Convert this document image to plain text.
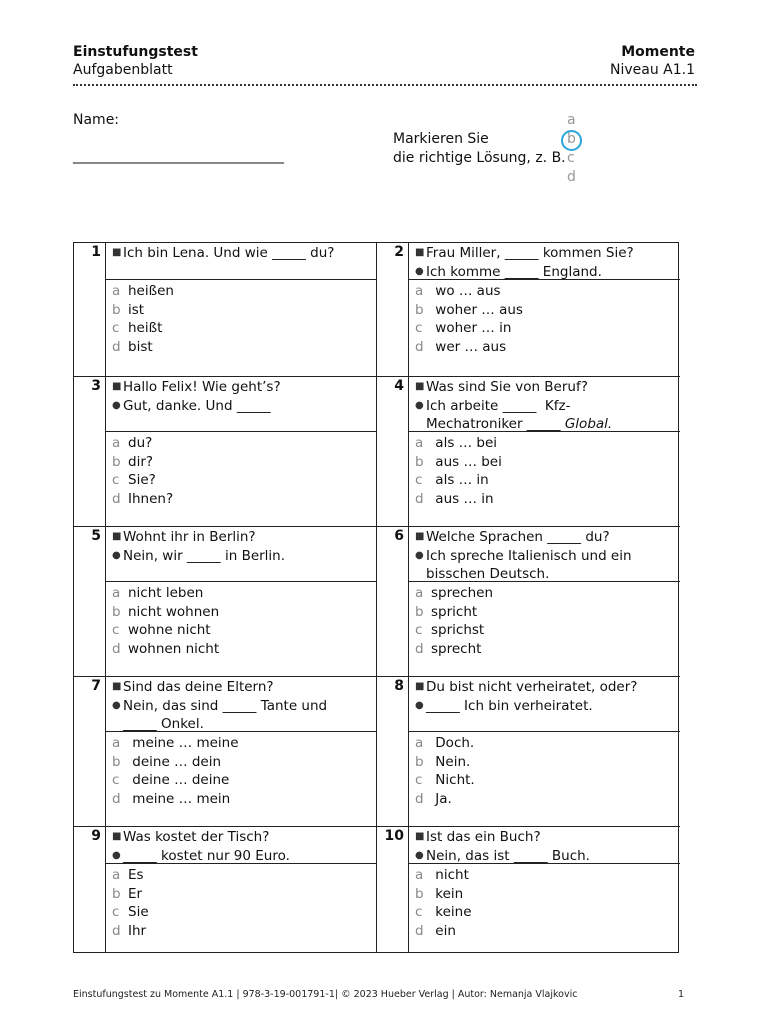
Einstufungstest
Aufgabenblatt
Momente
Niveau A1.1
Name:
___________________________________
Markieren Sie
die richtige Lösung, z. B.
a
b
c
d
1 ■ Ich bin Lena. Und wie _____ du?
a heißen
b ist
c heißt
d bist
2 ■ Frau Miller, _____ kommen Sie?
● Ich komme _____ England.
a wo … aus
b woher … aus
c woher … in
d wer … aus
3 ■ Hallo Felix! Wie geht’s?
● Gut, danke. Und _____
a du?
b dir?
c Sie?
d Ihnen?
4 ■ Was sind Sie von Beruf?
● Ich arbeite _____  Kfz-
Mechatroniker _____ Global.
a als … bei
b aus … bei
c als … in
d aus … in
5 ■ Wohnt ihr in Berlin?
● Nein, wir _____ in Berlin.
a nicht leben
b nicht wohnen
c wohne nicht
d wohnen nicht
6 ■ Welche Sprachen _____ du?
● Ich spreche Italienisch und ein
bisschen Deutsch.
a sprechen
b spricht
c sprichst
d sprecht
7 ■ Sind das deine Eltern?
● Nein, das sind _____ Tante und
_____ Onkel.
a meine … meine
b deine … dein
c deine … deine
d meine … mein
8 ■ Du bist nicht verheiratet, oder?
● _____ Ich bin verheiratet.
a Doch.
b Nein.
c Nicht.
d Ja.
9 ■ Was kostet der Tisch?
● _____ kostet nur 90 Euro.
a Es
b Er
c Sie
d Ihr
10 ■ Ist das ein Buch?
● Nein, das ist _____ Buch.
a nicht
b kein
c keine
d ein
Einstufungstest zu Momente A1.1 | 978-3-19-001791-1| © 2023 Hueber Verlag | Autor: Nemanja Vlajkovic	1
